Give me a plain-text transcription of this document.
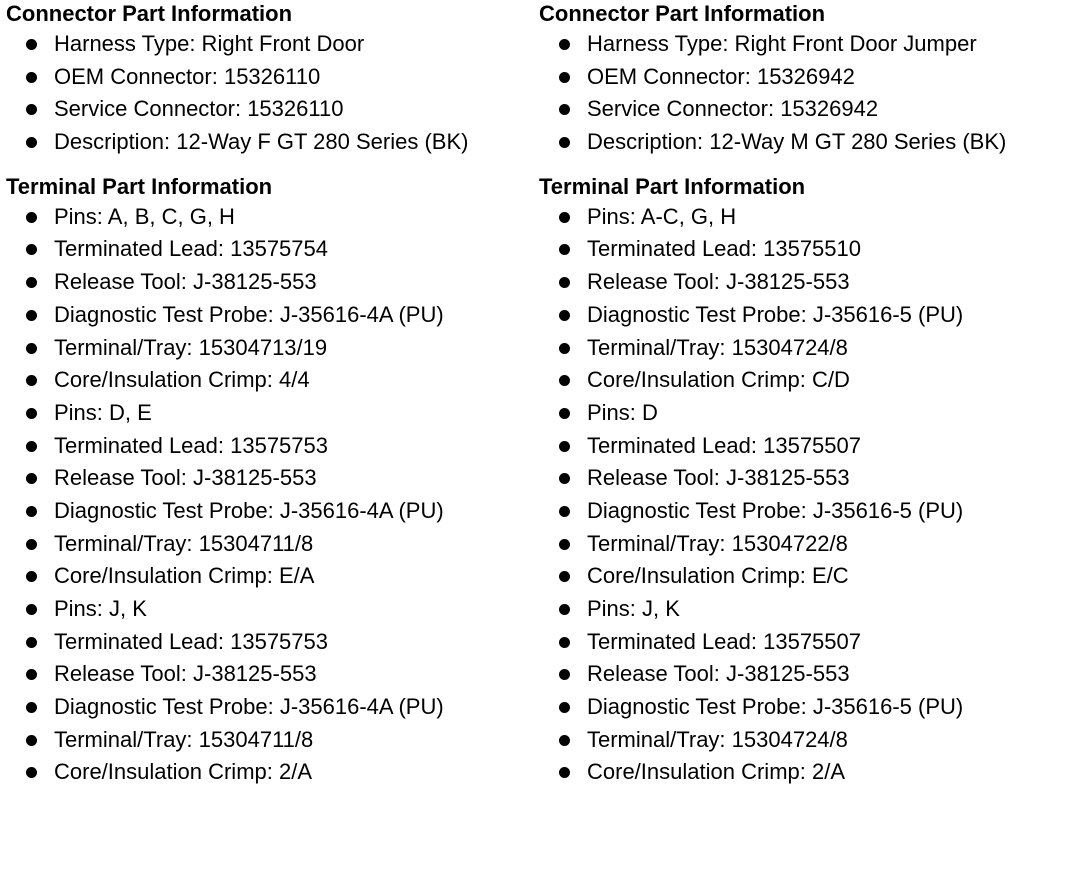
Connector Part Information
Harness Type: Right Front Door
OEM Connector: 15326110
Service Connector: 15326110
Description: 12-Way F GT 280 Series (BK)
Terminal Part Information
Pins: A, B, C, G, H
Terminated Lead: 13575754
Release Tool: J-38125-553
Diagnostic Test Probe: J-35616-4A (PU)
Terminal/Tray: 15304713/19
Core/Insulation Crimp: 4/4
Pins: D, E
Terminated Lead: 13575753
Release Tool: J-38125-553
Diagnostic Test Probe: J-35616-4A (PU)
Terminal/Tray: 15304711/8
Core/Insulation Crimp: E/A
Pins: J, K
Terminated Lead: 13575753
Release Tool: J-38125-553
Diagnostic Test Probe: J-35616-4A (PU)
Terminal/Tray: 15304711/8
Core/Insulation Crimp: 2/A
Connector Part Information
Harness Type: Right Front Door Jumper
OEM Connector: 15326942
Service Connector: 15326942
Description: 12-Way M GT 280 Series (BK)
Terminal Part Information
Pins: A-C, G, H
Terminated Lead: 13575510
Release Tool: J-38125-553
Diagnostic Test Probe: J-35616-5 (PU)
Terminal/Tray: 15304724/8
Core/Insulation Crimp: C/D
Pins: D
Terminated Lead: 13575507
Release Tool: J-38125-553
Diagnostic Test Probe: J-35616-5 (PU)
Terminal/Tray: 15304722/8
Core/Insulation Crimp: E/C
Pins: J, K
Terminated Lead: 13575507
Release Tool: J-38125-553
Diagnostic Test Probe: J-35616-5 (PU)
Terminal/Tray: 15304724/8
Core/Insulation Crimp: 2/A
